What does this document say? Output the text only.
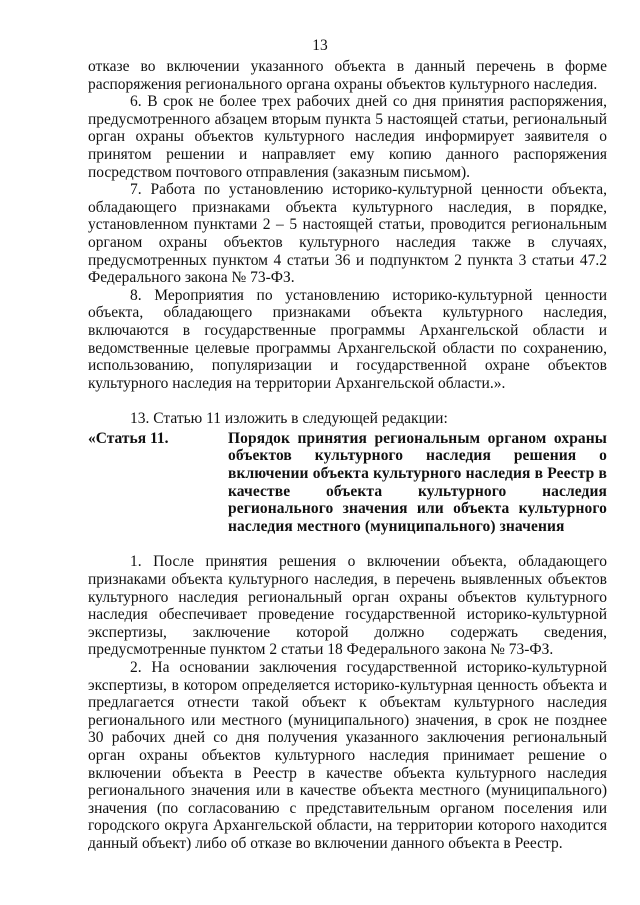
13

отказе во включении указанного объекта в данный перечень в форме распоряжения регионального органа охраны объектов культурного наследия.

6. В срок не более трех рабочих дней со дня принятия распоряжения, предусмотренного абзацем вторым пункта 5 настоящей статьи, региональный орган охраны объектов культурного наследия информирует заявителя о принятом решении и направляет ему копию данного распоряжения посредством почтового отправления (заказным письмом).

7. Работа по установлению историко-культурной ценности объекта, обладающего признаками объекта культурного наследия, в порядке, установленном пунктами 2 – 5 настоящей статьи, проводится региональным органом охраны объектов культурного наследия также в случаях, предусмотренных пунктом 4 статьи 36 и подпунктом 2 пункта 3 статьи 47.2 Федерального закона № 73-ФЗ.

8. Мероприятия по установлению историко-культурной ценности объекта, обладающего признаками объекта культурного наследия, включаются в государственные программы Архангельской области и ведомственные целевые программы Архангельской области по сохранению, использованию, популяризации и государственной охране объектов культурного наследия на территории Архангельской области.».

13. Статью 11 изложить в следующей редакции:

«Статья 11.	Порядок принятия региональным органом охраны объектов культурного наследия решения о включении объекта культурного наследия в Реестр в качестве объекта культурного наследия регионального значения или объекта культурного наследия местного (муниципального) значения

1. После принятия решения о включении объекта, обладающего признаками объекта культурного наследия, в перечень выявленных объектов культурного наследия региональный орган охраны объектов культурного наследия обеспечивает проведение государственной историко-культурной экспертизы, заключение которой должно содержать сведения, предусмотренные пунктом 2 статьи 18 Федерального закона № 73-ФЗ.

2. На основании заключения государственной историко-культурной экспертизы, в котором определяется историко-культурная ценность объекта и предлагается отнести такой объект к объектам культурного наследия регионального или местного (муниципального) значения, в срок не позднее 30 рабочих дней со дня получения указанного заключения региональный орган охраны объектов культурного наследия принимает решение о включении объекта в Реестр в качестве объекта культурного наследия регионального значения или в качестве объекта местного (муниципального) значения (по согласованию с представительным органом поселения или городского округа Архангельской области, на территории которого находится данный объект) либо об отказе во включении данного объекта в Реестр.
